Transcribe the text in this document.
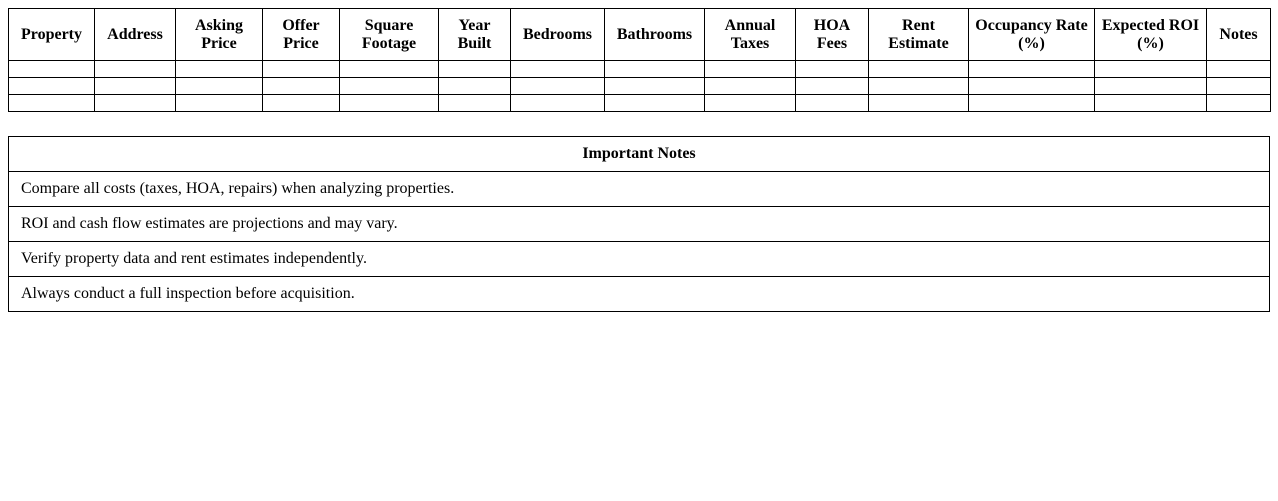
Property	Address	Asking Price	Offer Price	Square Footage	Year Built	Bedrooms	Bathrooms	Annual Taxes	HOA Fees	Rent Estimate	Occupancy Rate (%)	Expected ROI (%)	Notes

Important Notes
Compare all costs (taxes, HOA, repairs) when analyzing properties.
ROI and cash flow estimates are projections and may vary.
Verify property data and rent estimates independently.
Always conduct a full inspection before acquisition.
